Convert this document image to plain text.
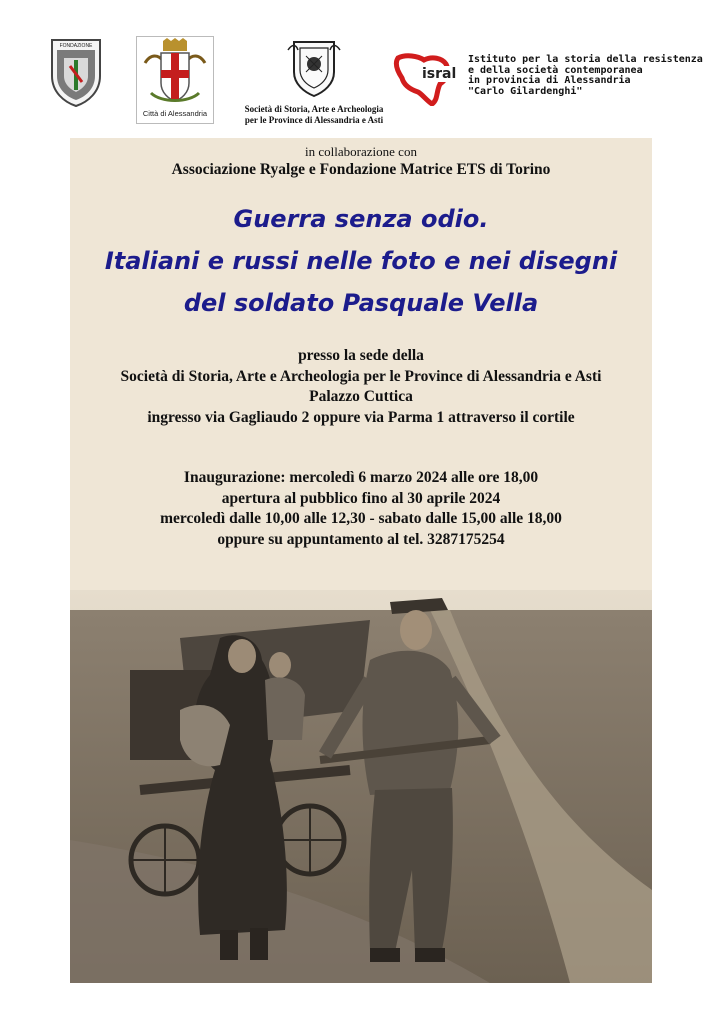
FONDAZIONE
Città di Alessandria	Società di Storia, Arte e Archeologia
per le Province di Alessandria e Asti
isral
Istituto per la storia della resistenza
e della società contemporanea
in provincia di Alessandria
"Carlo Gilardenghi"
in collaborazione con
Associazione Ryalge e Fondazione Matrice ETS di Torino
Guerra senza odio.
Italiani e russi nelle foto e nei disegni
del soldato Pasquale Vella
presso la sede della
Società di Storia, Arte e Archeologia per le Province di Alessandria e Asti
Palazzo Cuttica
ingresso via Gagliaudo 2 oppure via Parma 1 attraverso il cortile
Inaugurazione: mercoledì 6 marzo 2024 alle ore 18,00
apertura al pubblico fino al 30 aprile 2024
mercoledì dalle 10,00 alle 12,30 - sabato dalle 15,00 alle 18,00
oppure su appuntamento al tel. 3287175254
